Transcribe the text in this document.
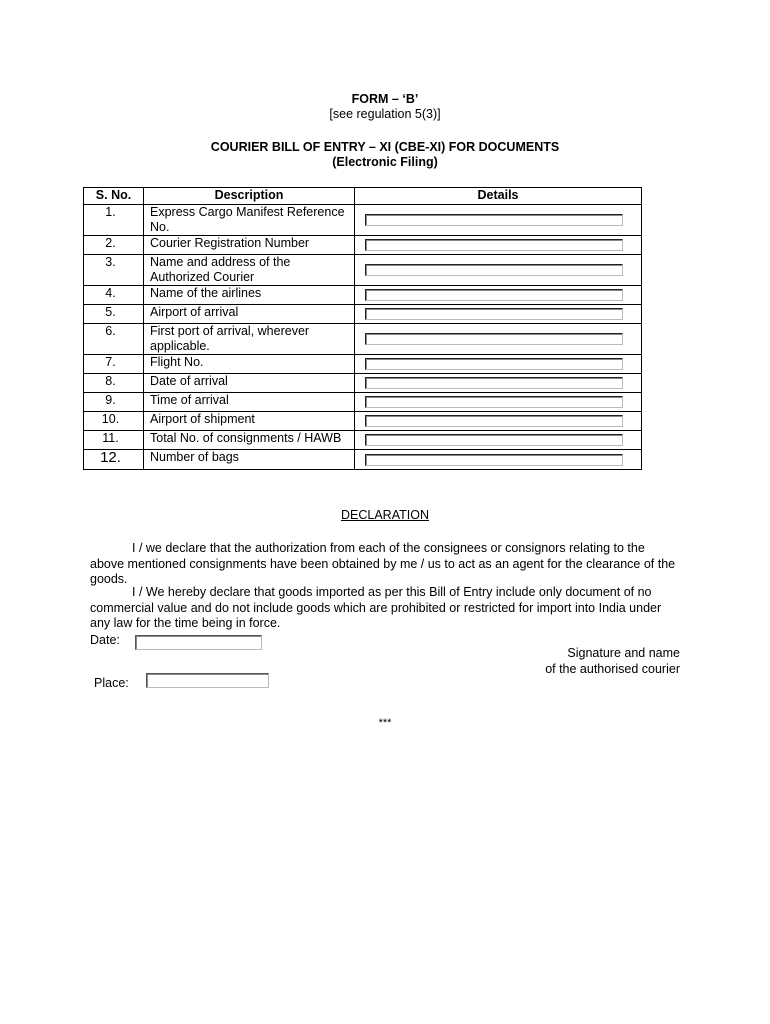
FORM – ‘B’
[see regulation 5(3)]
COURIER BILL OF ENTRY – XI (CBE-XI) FOR DOCUMENTS
(Electronic Filing)
S. No.	Description	Details
1.	Express Cargo Manifest Reference No.	

2.	Courier Registration Number	

3.	Name and address of the Authorized Courier	

4.	Name of the airlines	

5.	Airport of arrival	

6.	First port of arrival, wherever applicable.	

7.	Flight No.	

8.	Date of arrival	

9.	Time of arrival	

10.	Airport of shipment	

11.	Total No. of consignments / HAWB	

12.	Number of bags	
DECLARATION

I / we declare that the authorization from each of the consignees or consignors relating to the above mentioned consignments have been obtained by me / us to act as an agent for the clearance of the goods.

I / We hereby declare that goods imported as per this Bill of Entry include only document of no commercial value and do not include goods which are prohibited or restricted for import into India under any law for the time being in force.

Date:
Signature and name
of the authorised courier
Place:
***
